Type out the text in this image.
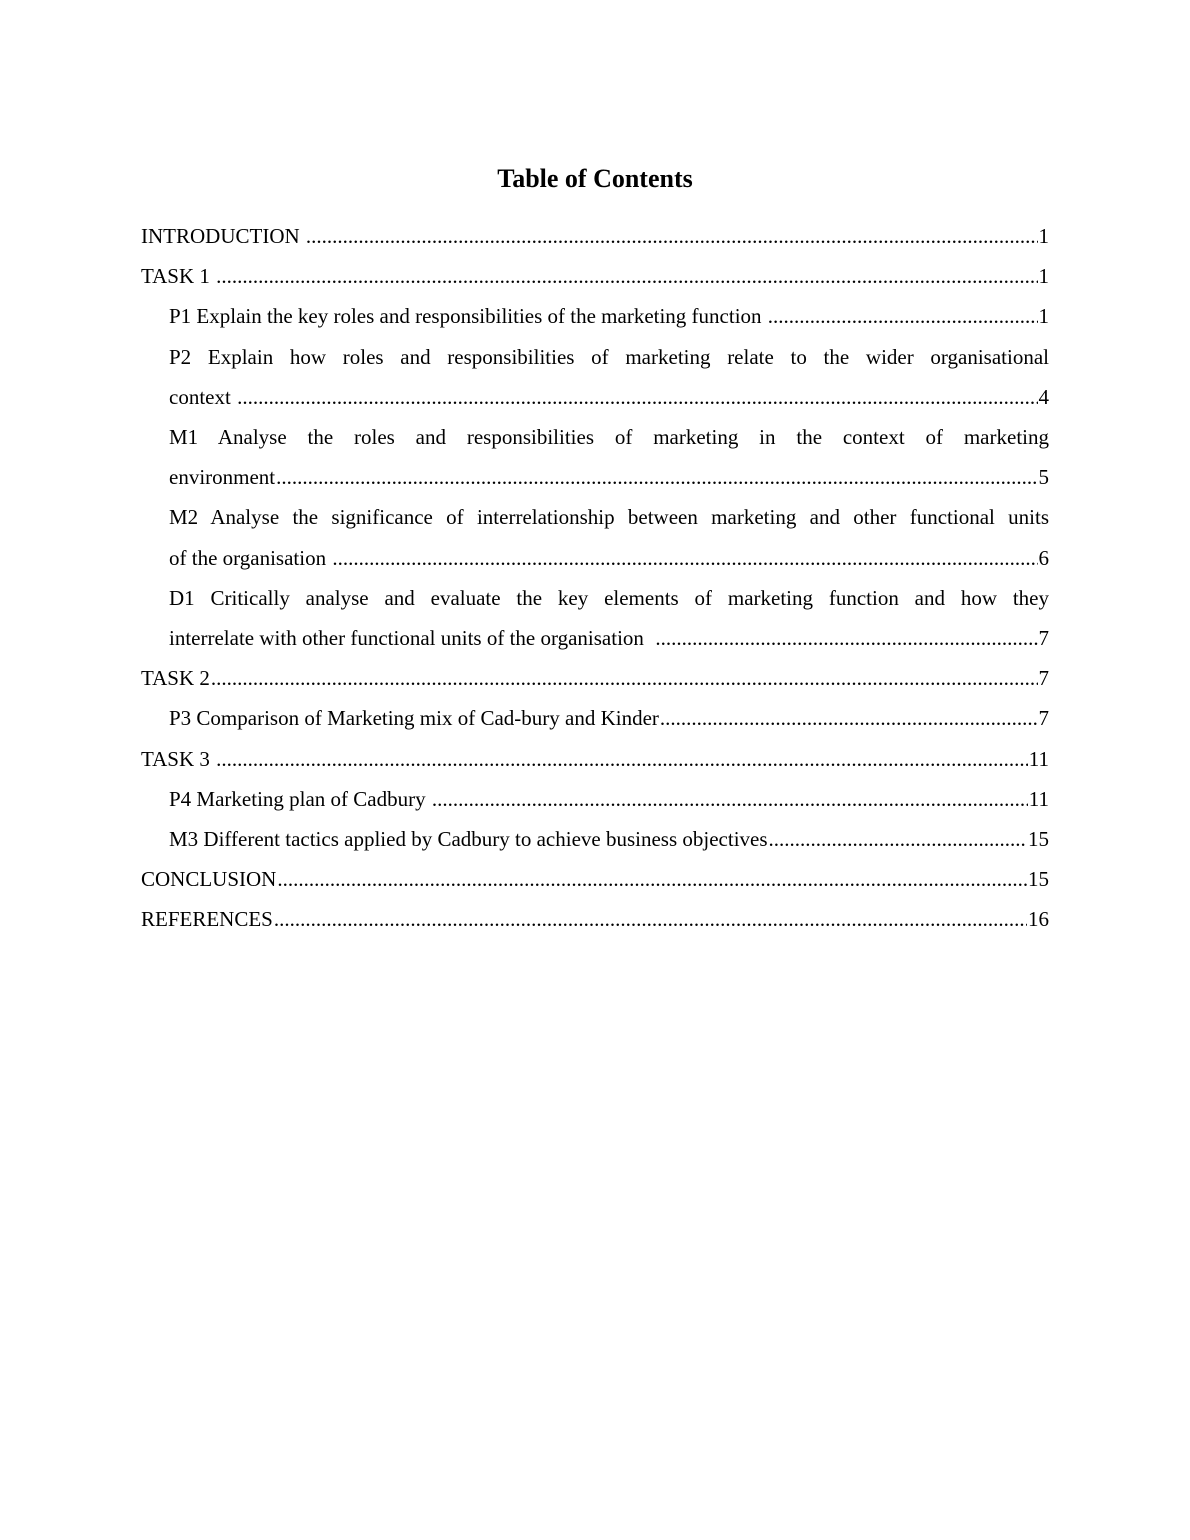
Table of Contents
INTRODUCTION .....	1
TASK 1 .....	1
P1 Explain the key roles and responsibilities of the marketing function .....	1
P2 Explain how roles and responsibilities of marketing relate to the wider organisational
context .....	4
M1 Analyse the roles and responsibilities of marketing in the context of marketing
environment .....	5
M2 Analyse the significance of interrelationship between marketing and other functional units
of the organisation .....	6
D1 Critically analyse and evaluate the key elements of marketing function and how they
interrelate with other functional units of the organisation .....	7
TASK 2 .....	7
P3 Comparison of Marketing mix of Cad-bury and Kinder .....	7
TASK 3 .....	11
P4 Marketing plan of Cadbury .....	11
M3 Different tactics applied by Cadbury to achieve business objectives .....	15
CONCLUSION .....	15
REFERENCES .....	16
